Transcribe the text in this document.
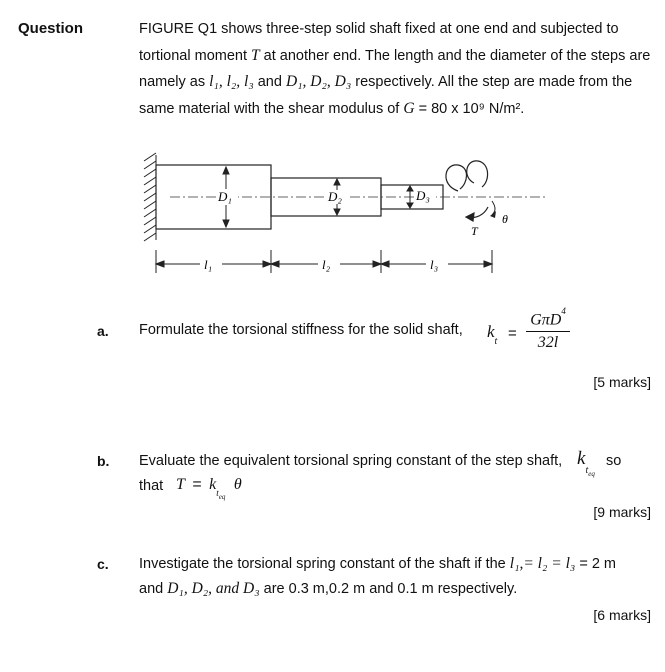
Question	FIGURE Q1 shows three-step solid shaft fixed at one end and subjected to tortional moment T at another end. The length and the diameter of the steps are namely as l₁, l₂, l₃ and D₁, D₂, D₃ respectively. All the step are made from the same material with the shear modulus of G = 80 x 10⁹ N/m².
D₁	D₂	D₃
T
θ
l₁	l₂	l₃
a. Formulate the torsional stiffness for the solid shaft, $k_t$ =
GπD$^4$
32l
[5 marks]
b. Evaluate the equivalent torsional spring constant of the step shaft, $k_{t_{eq}}$
so
that $T = k_{t_{eq}}$ θ
[9 marks]
c. Investigate the torsional spring constant of the shaft if the l₁,= l₂ = l₃ = 2 m
and D₁, D₂, and D₃ are 0.3 m,0.2 m and 0.1 m respectively.
[6 marks]
